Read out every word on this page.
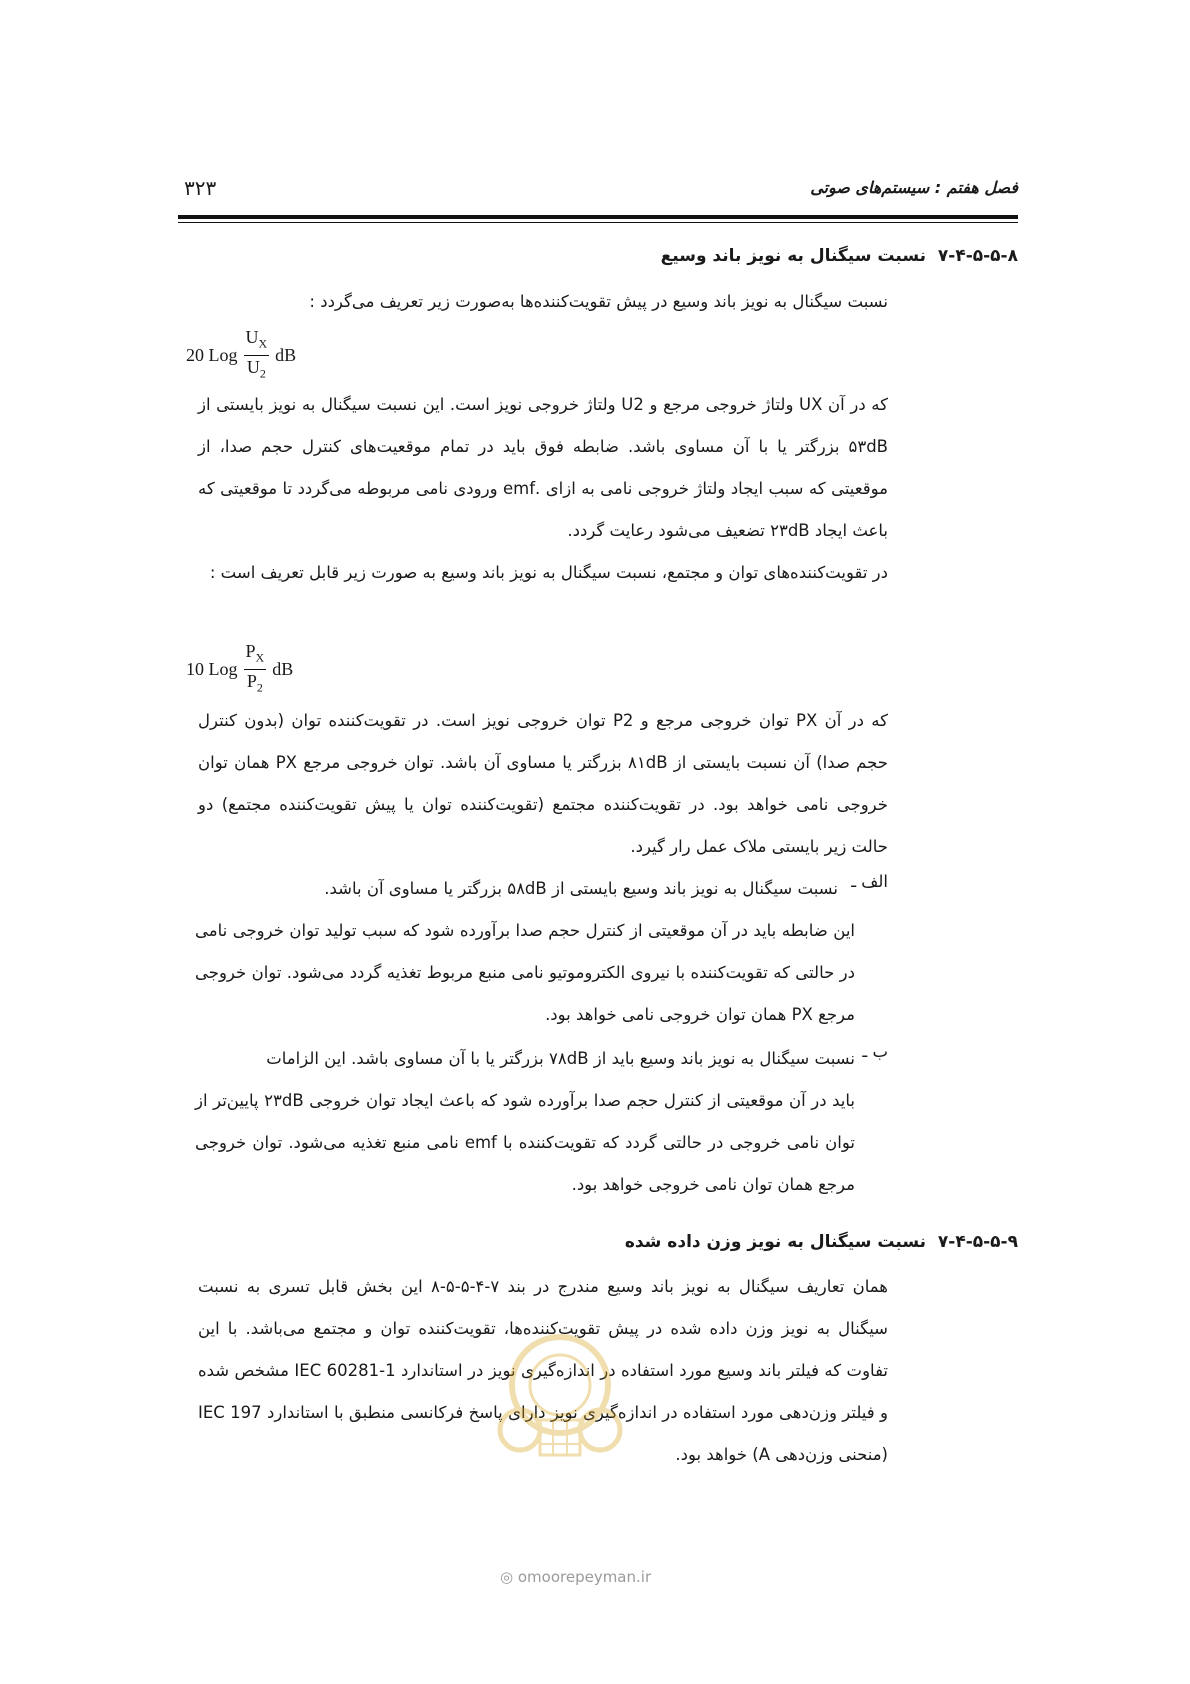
۳۲۳	فصل هفتم : سیستم‌های صوتی
۷-۴-۵-۵-۸
نسبت سیگنال به نویز باند وسیع
نسبت سیگنال به نویز باند وسیع در پیش تقویت‌کننده‌ها به‌صورت زیر تعریف می‌گردد :
20 Log $\frac{U_X}{U_2}$ dB
که در آن UX ولتاژ خروجی مرجع و U2 ولتاژ خروجی نویز است. این نسبت سیگنال به نویز بایستی از ۵۳dB بزرگتر یا با آن مساوی باشد. ضابطه فوق باید در تمام موقعیت‌های کنترل حجم صدا، از موقعیتی که سبب ایجاد ولتاژ خروجی نامی به ازای .emf ورودی نامی مربوطه می‌گردد تا موقعیتی که باعث ایجاد ۲۳dB تضعیف می‌شود رعایت گردد.
در تقویت‌کننده‌های توان و مجتمع، نسبت سیگنال به نویز باند وسیع به صورت زیر قابل تعریف است :
10 Log $\frac{P_X}{P_2}$ dB
که در آن PX توان خروجی مرجع و P2 توان خروجی نویز است. در تقویت‌کننده توان (بدون کنترل حجم صدا) آن نسبت بایستی از ۸۱dB بزرگتر یا مساوی آن باشد. توان خروجی مرجع PX همان توان خروجی نامی خواهد بود. در تقویت‌کننده مجتمع (تقویت‌کننده توان یا پیش تقویت‌کننده مجتمع) دو حالت زیر بایستی ملاک عمل رار گیرد.
الف ـ
نسبت سیگنال به نویز باند وسیع بایستی از ۵۸dB بزرگتر یا مساوی آن باشد.
این ضابطه باید در آن موقعیتی از کنترل حجم صدا برآورده شود که سبب تولید توان خروجی نامی در حالتی که تقویت‌کننده با نیروی الکتروموتیو نامی منبع مربوط تغذیه گردد می‌شود. توان خروجی مرجع PX همان توان خروجی نامی خواهد بود.
ب ـ
نسبت سیگنال به نویز باند وسیع باید از ۷۸dB بزرگتر یا با آن مساوی باشد. این الزامات
باید در آن موقعیتی از کنترل حجم صدا برآورده شود که باعث ایجاد توان خروجی ۲۳dB پایین‌تر از توان نامی خروجی در حالتی گردد که تقویت‌کننده با emf نامی منبع تغذیه می‌شود. توان خروجی مرجع همان توان نامی خروجی خواهد بود.
۷-۴-۵-۵-۹
نسبت سیگنال به نویز وزن داده شده
همان تعاریف سیگنال به نویز باند وسیع مندرج در بند ۷-۴-۵-۵-۸ این بخش قابل تسری به نسبت سیگنال به نویز وزن داده شده در پیش تقویت‌کننده‌ها، تقویت‌کننده توان و مجتمع می‌باشد. با این تفاوت که فیلتر باند وسیع مورد استفاده در اندازه‌گیری نویز در استاندارد IEC 60281-1 مشخص شده و فیلتر وزن‌دهی مورد استفاده در اندازه‌گیری نویز دارای پاسخ فرکانسی منطبق با استاندارد IEC 197 (منحنی وزن‌دهی A) خواهد بود.
◎ omoorepeyman.ir
